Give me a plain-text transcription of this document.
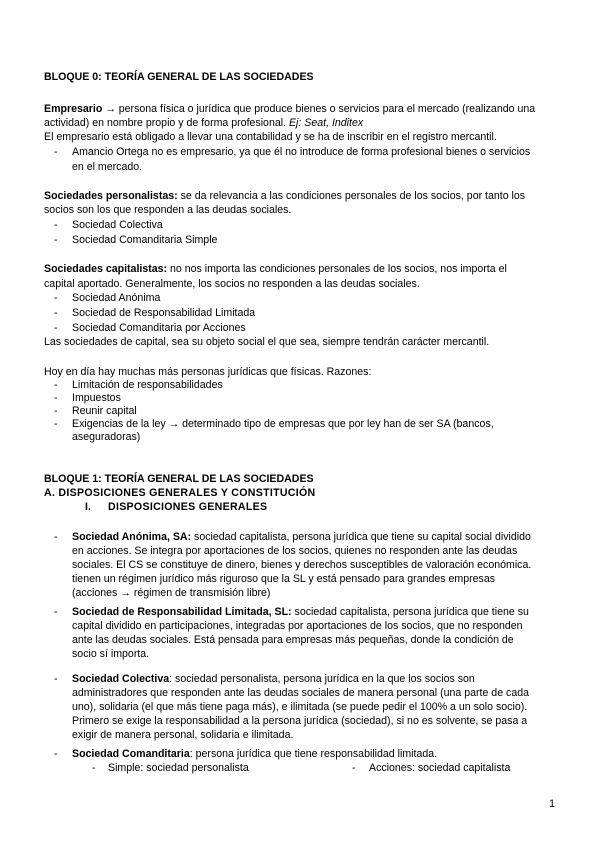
BLOQUE 0: TEORÍA GENERAL DE LAS SOCIEDADES
Empresario → persona física o jurídica que produce bienes o servicios para el mercado (realizando una
actividad) en nombre propio y de forma profesional. Ej: Seat, Inditex
El empresario está obligado a llevar una contabilidad y se ha de inscribir en el registro mercantil.
- Amancio Ortega no es empresario, ya que él no introduce de forma profesional bienes o servicios
en el mercado.
Sociedades personalistas: se da relevancia a las condiciones personales de los socios, por tanto los
socios son los que responden a las deudas sociales.
- Sociedad Colectiva
- Sociedad Comanditaria Simple
Sociedades capitalistas: no nos importa las condiciones personales de los socios, nos importa el
capital aportado. Generalmente, los socios no responden a las deudas sociales.
- Sociedad Anónima
- Sociedad de Responsabilidad Limitada
- Sociedad Comanditaria por Acciones
Las sociedades de capital, sea su objeto social el que sea, siempre tendrán carácter mercantil.
Hoy en día hay muchas más personas jurídicas que físicas. Razones:
- Limitación de responsabilidades
- Impuestos
- Reunir capital
- Exigencias de la ley → determinado tipo de empresas que por ley han de ser SA (bancos,
aseguradoras)
BLOQUE 1: TEORÍA GENERAL DE LAS SOCIEDADES
A. DISPOSICIONES GENERALES Y CONSTITUCIÓN
I. DISPOSICIONES GENERALES
- Sociedad Anónima, SA: sociedad capitalista, persona jurídica que tiene su capital social dividido
en acciones. Se integra por aportaciones de los socios, quienes no responden ante las deudas
sociales. El CS se constituye de dinero, bienes y derechos susceptibles de valoración económica.
tienen un régimen jurídico más riguroso que la SL y está pensado para grandes empresas
(acciones → régimen de transmisión libre)
- Sociedad de Responsabilidad Limitada, SL: sociedad capitalista, persona jurídica que tiene su
capital dividido en participaciones, integradas por aportaciones de los socios, que no responden
ante las deudas sociales. Está pensada para empresas más pequeñas, donde la condición de
socio sí importa.
- Sociedad Colectiva: sociedad personalista, persona jurídica en la que los socios son
administradores que responden ante las deudas sociales de manera personal (una parte de cada
uno), solidaria (el que más tiene paga más), e ilimitada (se puede pedir el 100% a un solo socio).
Primero se exige la responsabilidad a la persona jurídica (sociedad), si no es solvente, se pasa a
exigir de manera personal, solidaria e ilimitada.
- Sociedad Comanditaria: persona jurídica que tiene responsabilidad limitada.
- Simple: sociedad personalista	- Acciones: sociedad capitalista
1
